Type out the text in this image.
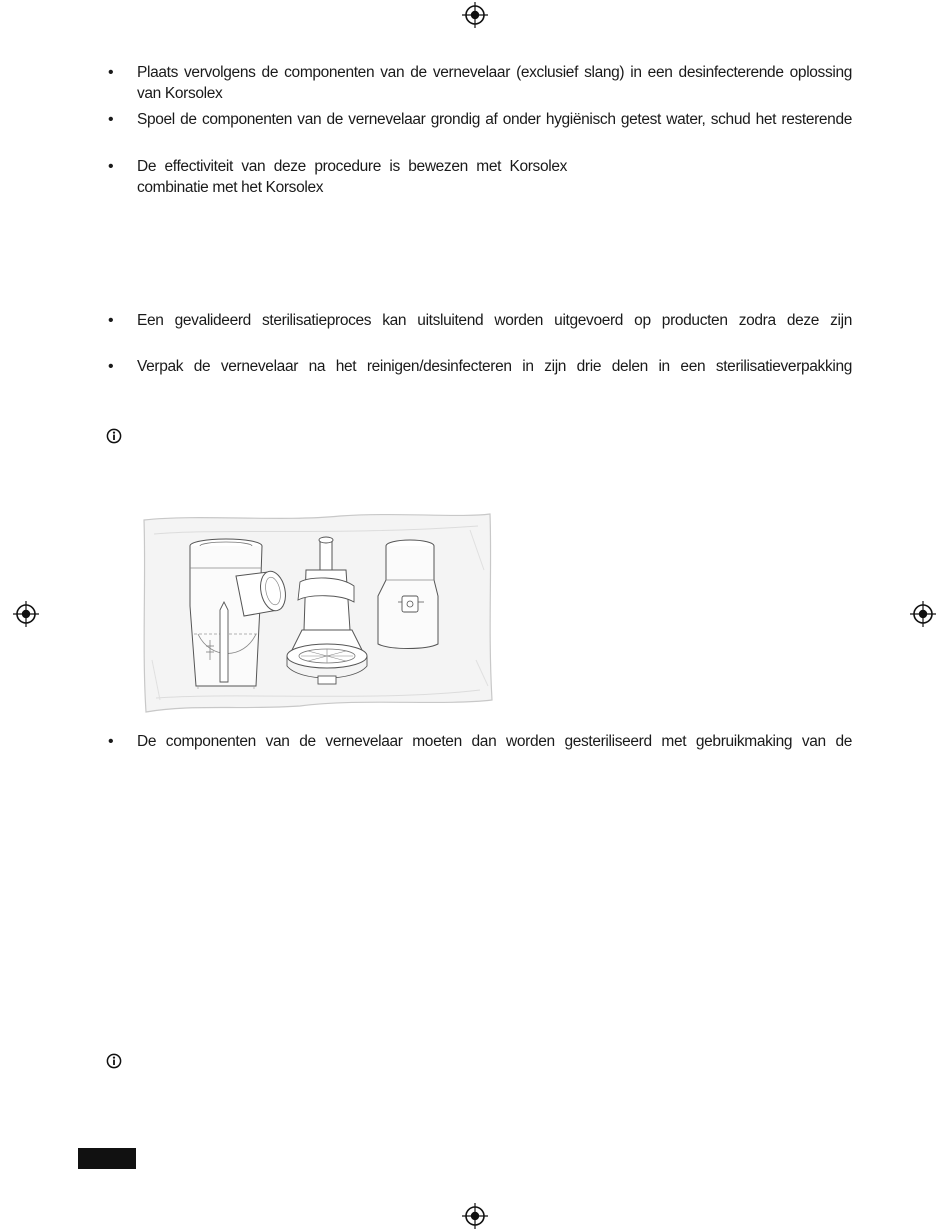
• Plaats vervolgens de componenten van de vernevelaar (exclusief slang) in een desinfecterende oplossing
van Korsolex
• Spoel de componenten van de vernevelaar grondig af onder hygiënisch getest water, schud het resterende
• De effectiviteit van deze procedure is bewezen met Korsolex
combinatie met het Korsolex
• Een gevalideerd sterilisatieproces kan uitsluitend worden uitgevoerd op producten zodra deze zijn
• Verpak de vernevelaar na het reinigen/desinfecteren in zijn drie delen in een sterilisatieverpakking
• De componenten van de vernevelaar moeten dan worden gesteriliseerd met gebruikmaking van de
